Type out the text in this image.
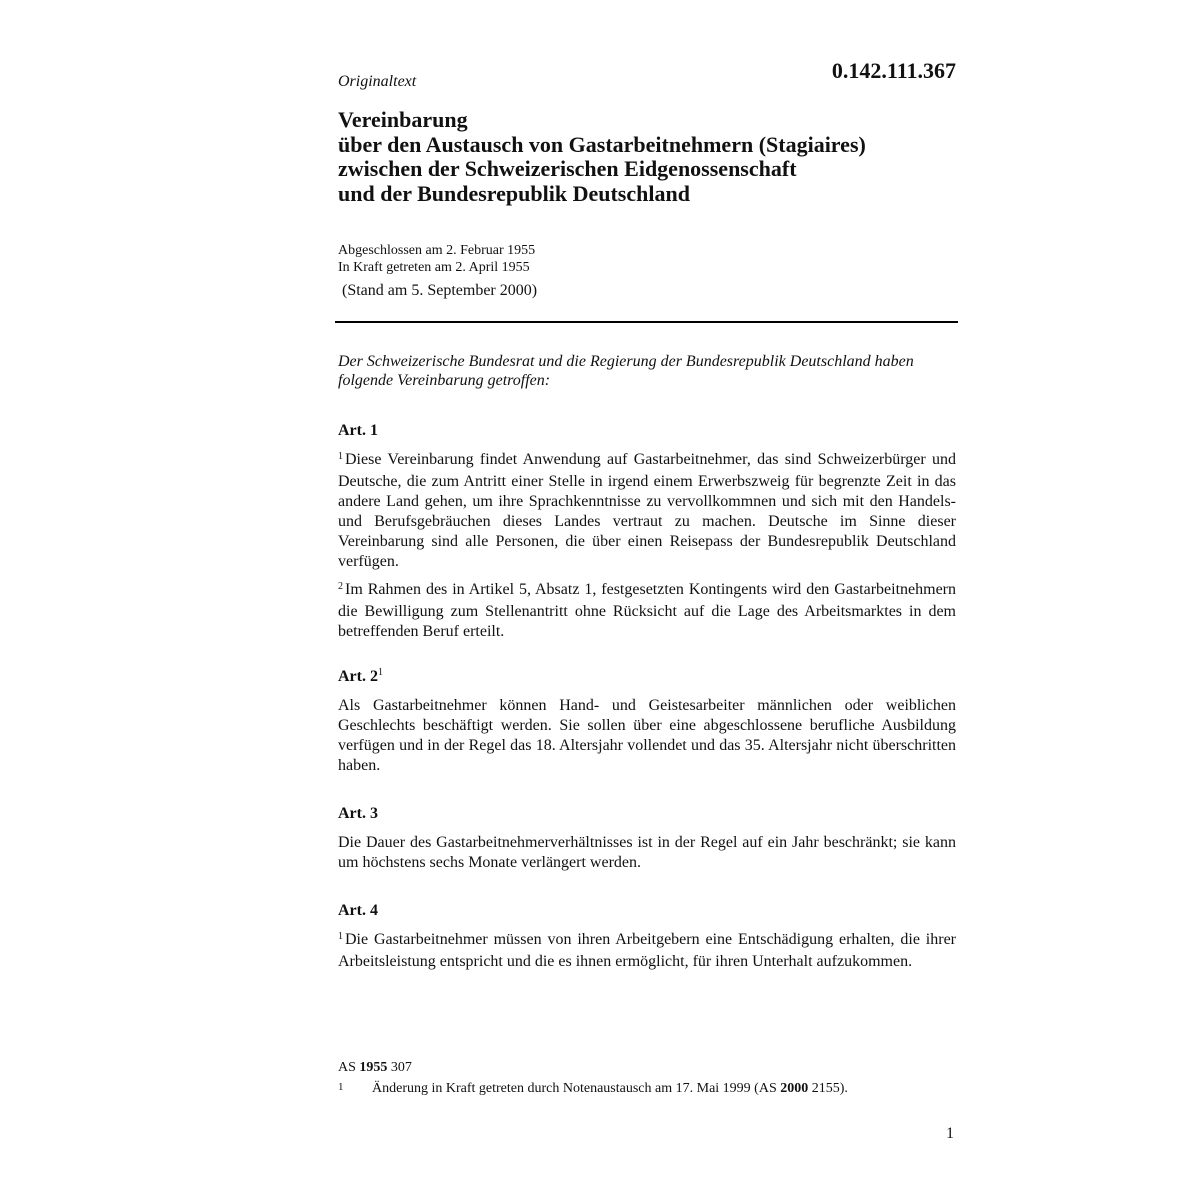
Originaltext	0.142.111.367
Vereinbarung
über den Austausch von Gastarbeitnehmern (Stagiaires)
zwischen der Schweizerischen Eidgenossenschaft
und der Bundesrepublik Deutschland
Abgeschlossen am 2. Februar 1955
In Kraft getreten am 2. April 1955
(Stand am 5. September 2000)
Der Schweizerische Bundesrat und die Regierung der Bundesrepublik Deutschland haben folgende Vereinbarung getroffen:
Art. 1
$^1$ Diese Vereinbarung findet Anwendung auf Gastarbeitnehmer, das sind Schweizerbürger und Deutsche, die zum Antritt einer Stelle in irgend einem Erwerbszweig für begrenzte Zeit in das andere Land gehen, um ihre Sprachkenntnisse zu vervollkommnen und sich mit den Handels- und Berufsgebräuchen dieses Landes vertraut zu machen. Deutsche im Sinne dieser Vereinbarung sind alle Personen, die über einen Reisepass der Bundesrepublik Deutschland verfügen.
$^2$ Im Rahmen des in Artikel 5, Absatz 1, festgesetzten Kontingents wird den Gastarbeitnehmern die Bewilligung zum Stellenantritt ohne Rücksicht auf die Lage des Arbeitsmarktes in dem betreffenden Beruf erteilt.
Art. $2^1$
Als Gastarbeitnehmer können Hand- und Geistesarbeiter männlichen oder weiblichen Geschlechts beschäftigt werden. Sie sollen über eine abgeschlossene berufliche Ausbildung verfügen und in der Regel das 18. Altersjahr vollendet und das 35. Altersjahr nicht überschritten haben.
Art. 3
Die Dauer des Gastarbeitnehmerverhältnisses ist in der Regel auf ein Jahr beschränkt; sie kann um höchstens sechs Monate verlängert werden.
Art. 4
$^1$ Die Gastarbeitnehmer müssen von ihren Arbeitgebern eine Entschädigung erhalten, die ihrer Arbeitsleistung entspricht und die es ihnen ermöglicht, für ihren Unterhalt aufzukommen.
AS 1955 307
1 Änderung in Kraft getreten durch Notenaustausch am 17. Mai 1999 (AS 2000 2155).
1
